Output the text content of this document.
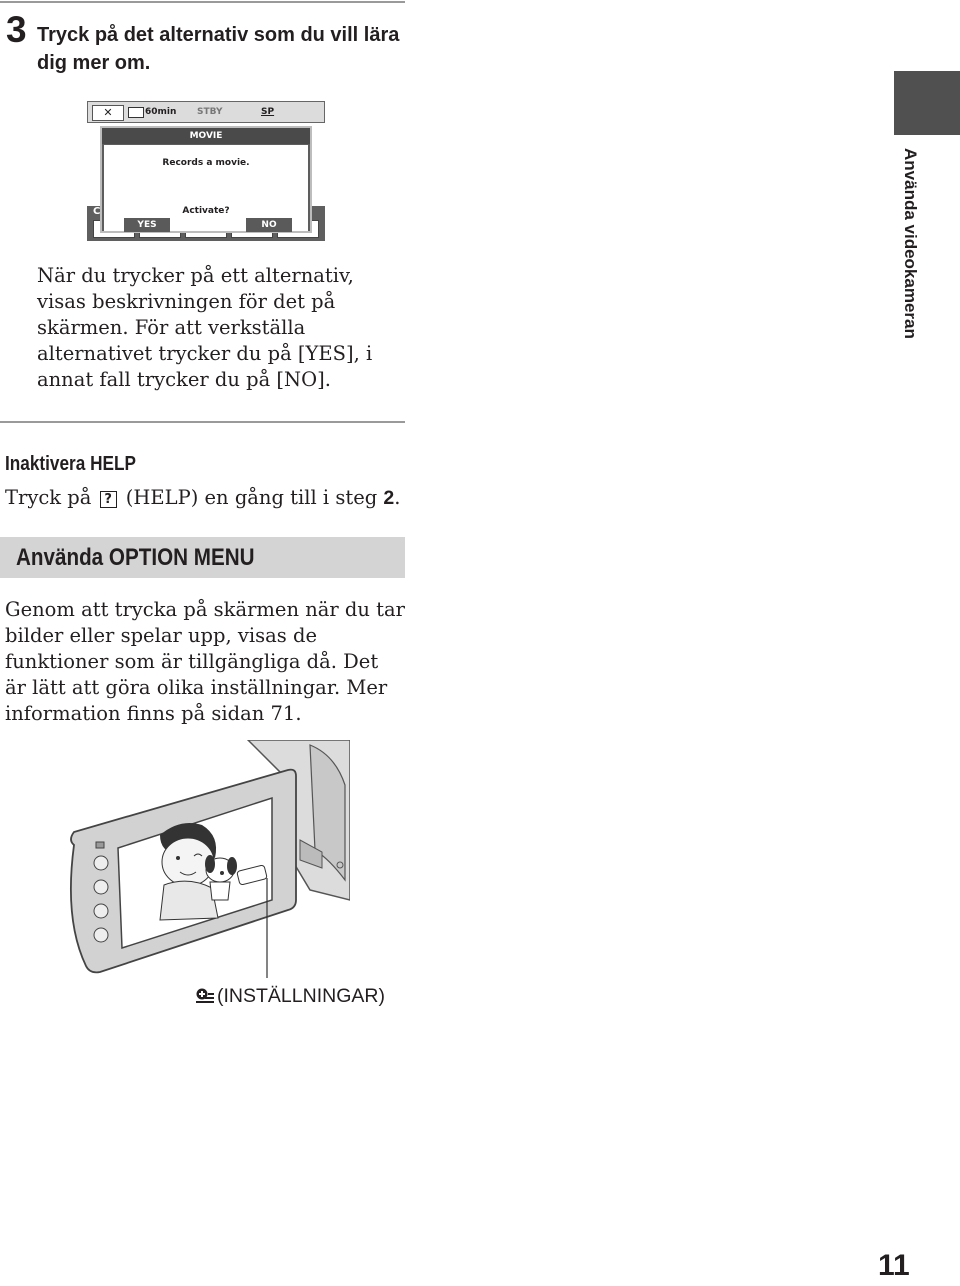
3 Tryck på det alternativ som du vill lära dig mer om.
✕	60min STBY	SP
C
MOVIE
Records a movie.
Activate?
YES	NO
När du trycker på ett alternativ, visas beskrivningen för det på skärmen. För att verkställa alternativet trycker du på [YES], i annat fall trycker du på [NO].
Använda videokameran
Inaktivera HELP
Tryck på ? (HELP) en gång till i steg 2.
Använda OPTION MENU
Genom att trycka på skärmen när du tar bilder eller spelar upp, visas de funktioner som är tillgängliga då. Det är lätt att göra olika inställningar. Mer information finns på sidan 71.
(INSTÄLLNINGAR)
11
